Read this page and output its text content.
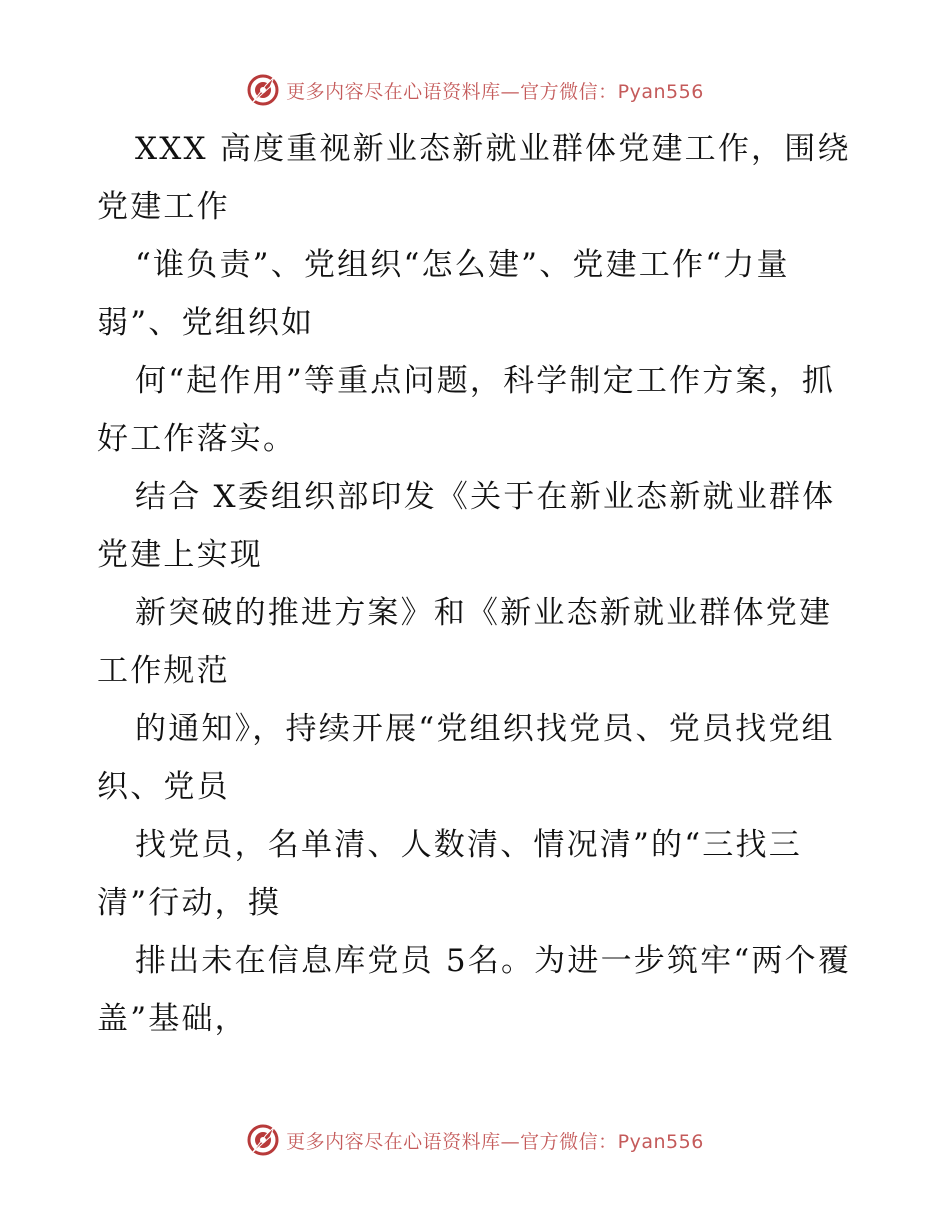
更多内容尽在心语资料库—官方微信：Pyan556

XXX 高度重视新业态新就业群体党建工作，围绕党建工作

“谁负责”、党组织“怎么建”、党建工作“力量弱”、党组织如

何“起作用”等重点问题，科学制定工作方案，抓好工作落实。

结合 X委组织部印发《关于在新业态新就业群体党建上实现

新突破的推进方案》和《新业态新就业群体党建工作规范

的通知》，持续开展“党组织找党员、党员找党组织、党员

找党员，名单清、人数清、情况清”的“三找三清”行动，摸

排出未在信息库党员 5名。为进一步筑牢“两个覆盖”基础，

更多内容尽在心语资料库—官方微信：Pyan556
